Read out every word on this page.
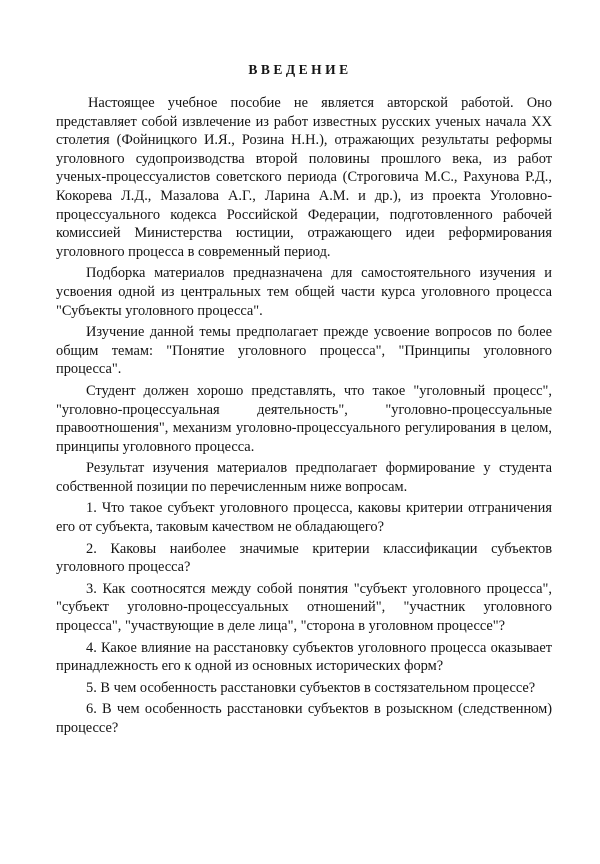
ВВЕДЕНИЕ

Настоящее учебное пособие не является авторской работой. Оно представляет собой извлечение из работ известных русских ученых начала XX столетия (Фойницкого И.Я., Розина Н.Н.), отражающих результаты реформы уголовного судопроизводства второй половины прошлого века, из работ ученых-процессуалистов советского периода (Строговича М.С., Рахунова Р.Д., Кокорева Л.Д., Мазалова А.Г., Ларина А.М. и др.), из проекта Уголовно-процессуального кодекса Российской Федерации, подготовленного рабочей комиссией Министерства юстиции, отражающего идеи реформирования уголовного процесса в современный период.

Подборка материалов предназначена для самостоятельного изучения и усвоения одной из центральных тем общей части курса уголовного процесса "Субъекты уголовного процесса".

Изучение данной темы предполагает прежде усвоение вопросов по более общим темам: "Понятие уголовного процесса", "Принципы уголовного процесса".

Студент должен хорошо представлять, что такое "уголовный процесс", "уголовно-процессуальная деятельность", "уголовно-процессуальные правоотношения", механизм уголовно-процессуального регулирования в целом, принципы уголовного процесса.

Результат изучения материалов предполагает формирование у студента собственной позиции по перечисленным ниже вопросам.

1. Что такое субъект уголовного процесса, каковы критерии отграничения его от субъекта, таковым качеством не обладающего?

2. Каковы наиболее значимые критерии классификации субъектов уголовного процесса?

3. Как соотносятся между собой понятия "субъект уголовного процесса", "субъект уголовно-процессуальных отношений", "участник уголовного процесса", "участвующие в деле лица", "сторона в уголовном процессе"?

4. Какое влияние на расстановку субъектов уголовного процесса оказывает принадлежность его к одной из основных исторических форм?

5. В чем особенность расстановки субъектов в состязательном процессе?

6. В чем особенность расстановки субъектов в розыскном (следственном) процессе?
